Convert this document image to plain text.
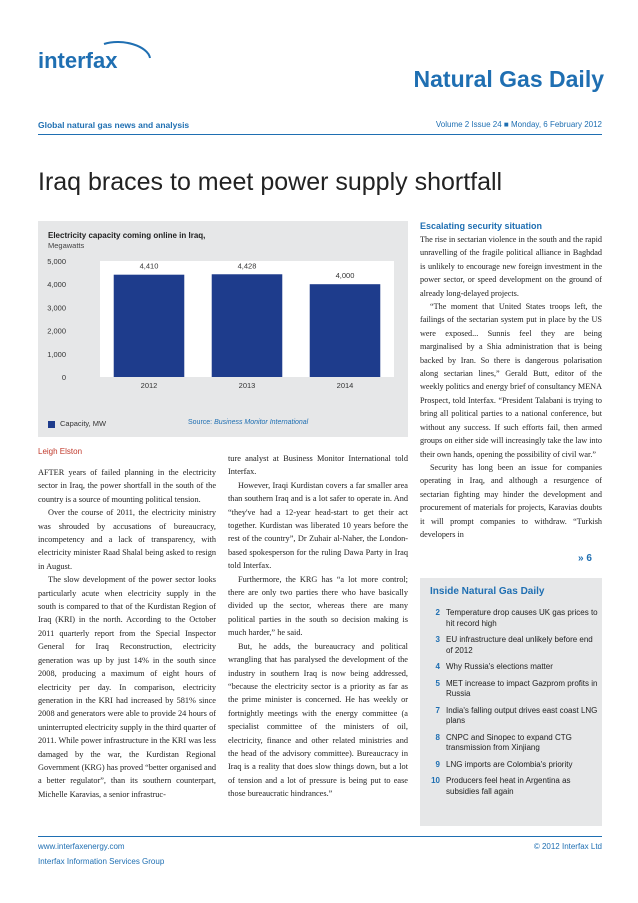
interfax
Natural Gas Daily
Global natural gas news and analysis	Volume 2 Issue 24 ■ Monday, 6 February 2012
Iraq braces to meet power supply shortfall
Electricity capacity coming online in Iraq,
Megawatts
0
1,000
2,000
3,000
4,000
5,000
4,410
2012
4,428
2013
4,000
2014
Capacity, MW	Source: Business Monitor International
Leigh Elston

AFTER years of failed planning in the electricity sector in Iraq, the power shortfall in the south of the country is a source of mounting political tension.

Over the course of 2011, the electricity ministry was shrouded by accusations of bureaucracy, incompetency and a lack of transparency, with electricity minister Raad Shalal being asked to resign in August.

The slow development of the power sector looks particularly acute when electricity supply in the south is compared to that of the Kurdistan Region of Iraq (KRI) in the north. According to the October 2011 quarterly report from the Special Inspector General for Iraq Reconstruction, electricity generation was up by just 14% in the south since 2008, producing a maximum of eight hours of electricity per day. In comparison, electricity generation in the KRI had increased by 581% since 2008 and generators were able to provide 24 hours of uninterrupted electricity supply in the third quarter of 2011. While power infrastructure in the KRI was less damaged by the war, the Kurdistan Regional Government (KRG) has proved “better organised and a better regulator”, than its southern counterpart, Michelle Karavias, a senior infrastruc-

ture analyst at Business Monitor International told Interfax.

However, Iraqi Kurdistan covers a far smaller area than southern Iraq and is a lot safer to operate in. And “they've had a 12-year head-start to get their act together. Kurdistan was liberated 10 years before the rest of the country”, Dr Zuhair al-Naher, the London-based spokesperson for the ruling Dawa Party in Iraq told Interfax.

Furthermore, the KRG has “a lot more control; there are only two parties there who have basically divided up the sector, whereas there are many political parties in the south so decision making is much harder,” he said.

But, he adds, the bureaucracy and political wrangling that has paralysed the development of the industry in southern Iraq is now being addressed, “because the electricity sector is a priority as far as the prime minister is concerned. He has weekly or fortnightly meetings with the energy committee (a specialist committee of the ministers of oil, electricity, finance and other related ministries and the head of the advisory committee). Bureaucracy in Iraq is a reality that does slow things down, but a lot of tension and a lot of pressure is being put to ease those bureaucratic hindrances.”

Escalating security situation

The rise in sectarian violence in the south and the rapid unravelling of the fragile political alliance in Baghdad is unlikely to encourage new foreign investment in the power sector, or speed development on the ground of already long-delayed projects.

“The moment that United States troops left, the failings of the sectarian system put in place by the US were exposed... Sunnis feel they are being marginalised by a Shia administration that is being backed by Iran. So there is dangerous polarisation along sectarian lines,” Gerald Butt, editor of the weekly politics and energy brief of consultancy MENA Prospect, told Interfax. “President Talabani is trying to bring all political parties to a national conference, but without any success. If such efforts fail, then armed groups on either side will increasingly take the law into their own hands, opening the possibility of civil war.”

Security has long been an issue for companies operating in Iraq, and although a resurgence of sectarian fighting may hinder the development and procurement of materials for projects, Karavias doubts it will prompt companies to withdraw. “Turkish developers in

» 6
Inside Natural Gas Daily
2 Temperature drop causes UK gas prices to hit record high
3 EU infrastructure deal unlikely before end of 2012
4 Why Russia's elections matter
5 MET increase to impact Gazprom profits in Russia
7 India's falling output drives east coast LNG plans
8 CNPC and Sinopec to expand CTG transmission from Xinjiang
9 LNG imports are Colombia's priority
10 Producers feel heat in Argentina as subsidies fall again
www.interfaxenergy.com
Interfax Information Services Group
© 2012 Interfax Ltd
